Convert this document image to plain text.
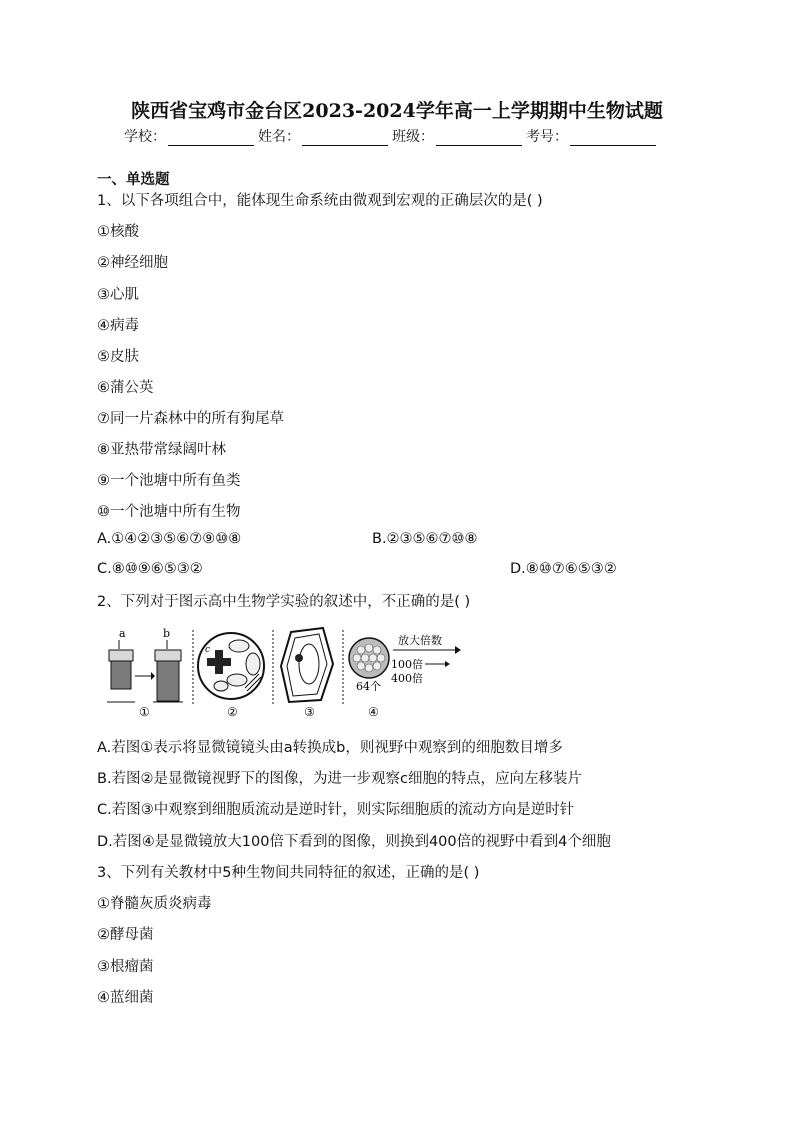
陕西省宝鸡市金台区2023-2024学年高一上学期期中生物试题
学校：	姓名：	班级：	考号：
一、单选题
1、以下各项组合中，能体现生命系统由微观到宏观的正确层次的是( )
①核酸
②神经细胞
③心肌
④病毒
⑤皮肤
⑥蒲公英
⑦同一片森林中的所有狗尾草
⑧亚热带常绿阔叶林
⑨一个池塘中所有鱼类
⑩一个池塘中所有生物
A.①④②③⑤⑥⑦⑨⑩⑧	B.②③⑤⑥⑦⑩⑧
C.⑧⑩⑨⑥⑤③②	D.⑧⑩⑦⑥⑤③②
2、下列对于图示高中生物学实验的叙述中，不正确的是( )
a	b
①
c
②	③
64个
放大倍数
100倍
400倍
④
A.若图①表示将显微镜镜头由a转换成b，则视野中观察到的细胞数目增多
B.若图②是显微镜视野下的图像，为进一步观察c细胞的特点，应向左移装片
C.若图③中观察到细胞质流动是逆时针，则实际细胞质的流动方向是逆时针
D.若图④是显微镜放大100倍下看到的图像，则换到400倍的视野中看到4个细胞
3、下列有关教材中5种生物间共同特征的叙述，正确的是( )
①脊髓灰质炎病毒
②酵母菌
③根瘤菌
④蓝细菌
